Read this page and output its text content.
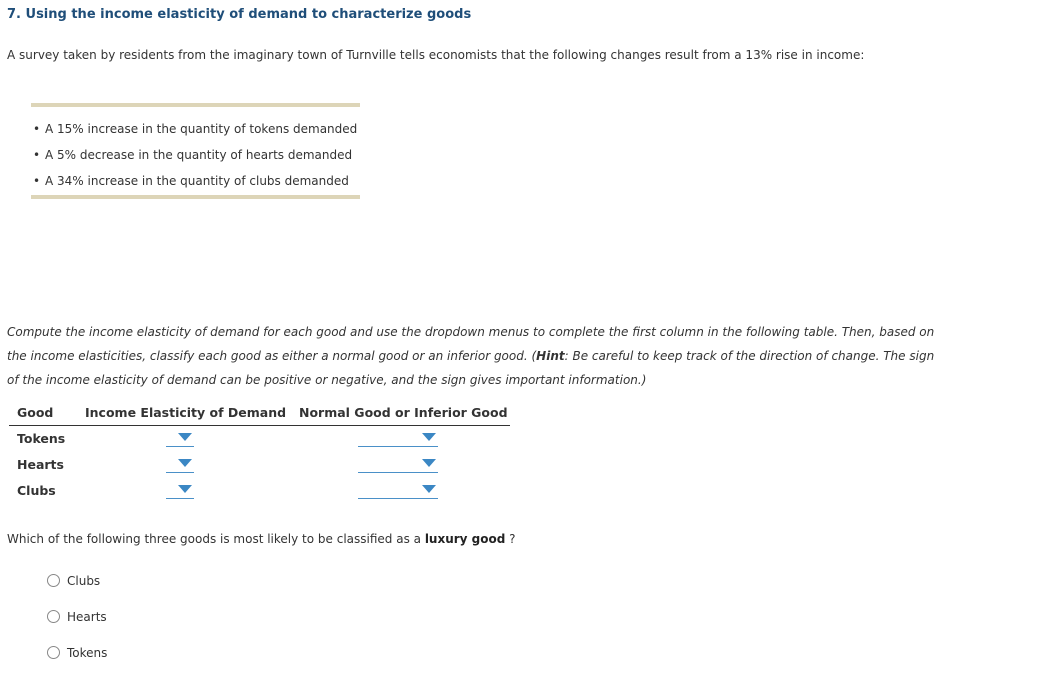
7. Using the income elasticity of demand to characterize goods
A survey taken by residents from the imaginary town of Turnville tells economists that the following changes result from a 13% rise in income:
• A 15% increase in the quantity of tokens demanded
• A 5% decrease in the quantity of hearts demanded
• A 34% increase in the quantity of clubs demanded
Compute the income elasticity of demand for each good and use the dropdown menus to complete the first column in the following table. Then, based on the income elasticities, classify each good as either a normal good or an inferior good. (Hint: Be careful to keep track of the direction of change. The sign of the income elasticity of demand can be positive or negative, and the sign gives important information.)
Good	Income Elasticity of Demand Normal Good or Inferior Good
Tokens
Hearts
Clubs
Which of the following three goods is most likely to be classified as a luxury good ?
Clubs
Hearts
Tokens
